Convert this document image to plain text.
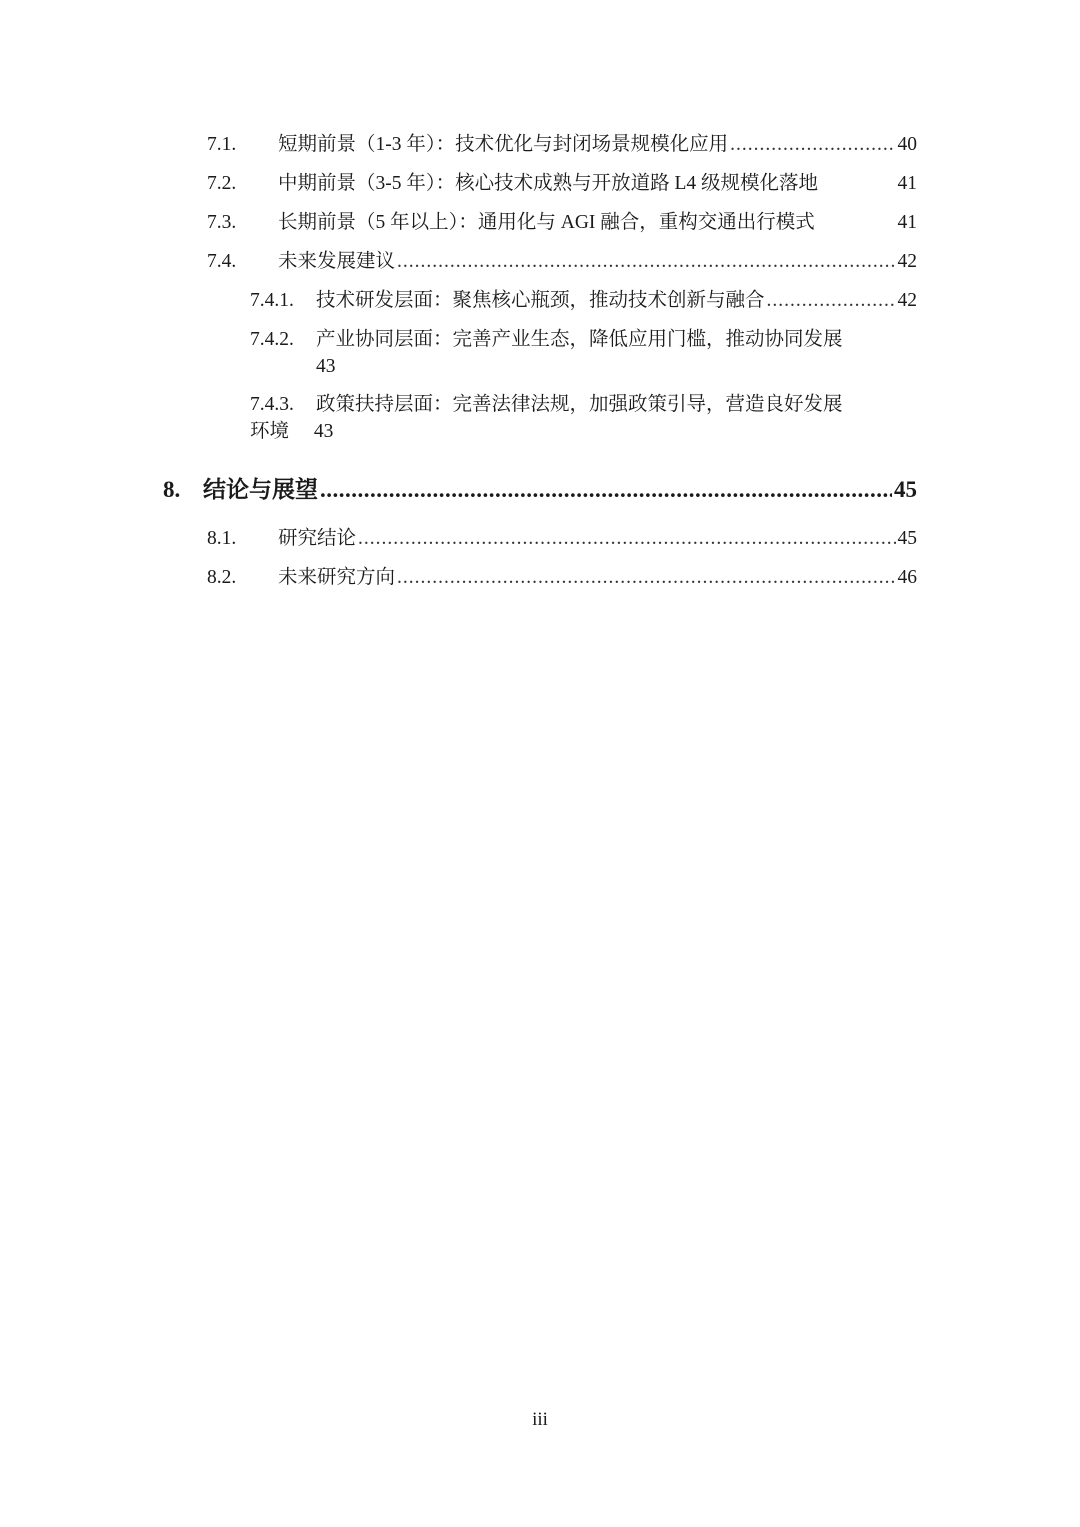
7.1.	短期前景（1-3 年）：技术优化与封闭场景规模化应用 .....	40
7.2.	中期前景（3-5 年）：核心技术成熟与开放道路 L4 级规模化落地	41
7.3.	长期前景（5 年以上）：通用化与 AGI 融合，重构交通出行模式	41
7.4.	未来发展建议 .....	42
7.4.1.	技术研发层面：聚焦核心瓶颈，推动技术创新与融合 .....	42
7.4.2.	产业协同层面：完善产业生态，降低应用门槛，推动协同发展
43
7.4.3.	政策扶持层面：完善法律法规，加强政策引导，营造良好发展
环境 43
8. 结论与展望 .....	45
8.1.	研究结论 .....	45
8.2.	未来研究方向 .....	46
iii
